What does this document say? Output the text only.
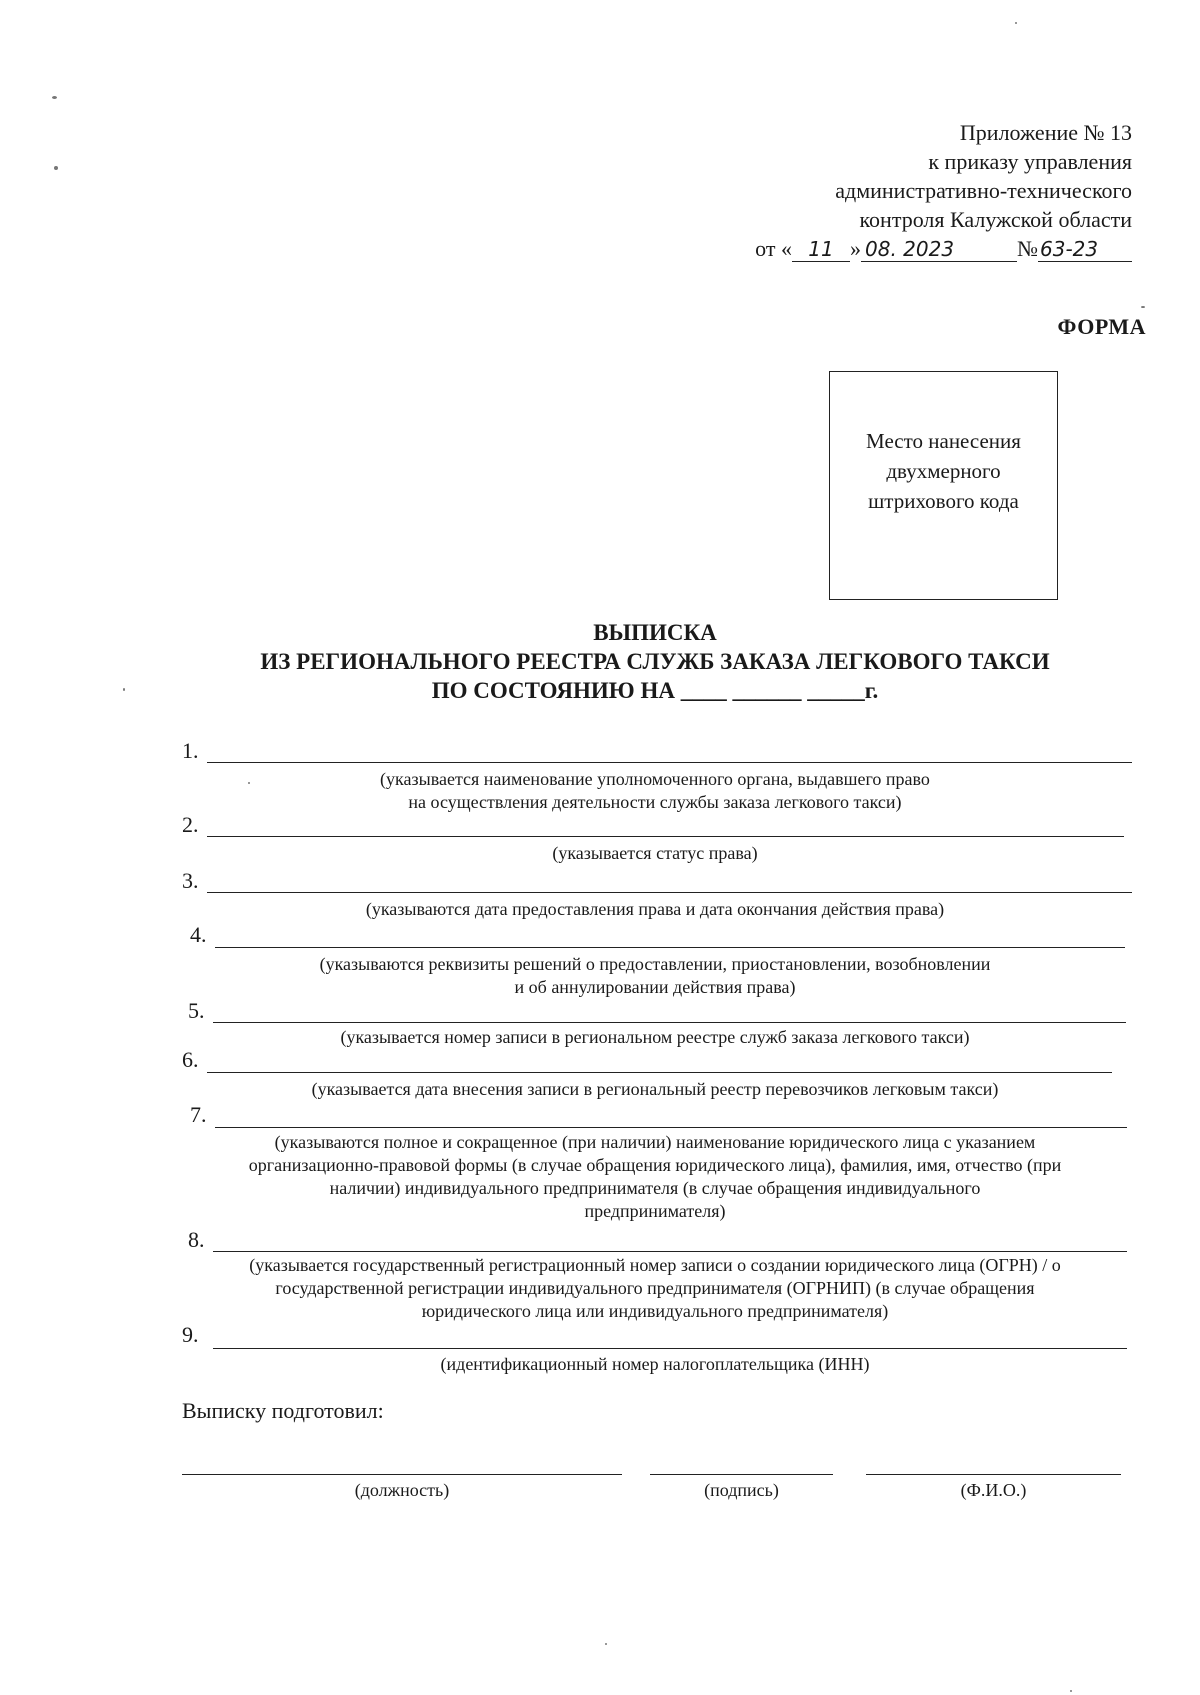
Приложение № 13
к приказу управления
административно-технического
контроля Калужской области
от « 11 » 08. 2023	№ 63-23
ФОРМА
Место нанесения
двухмерного
штрихового кода
ВЫПИСКА
ИЗ РЕГИОНАЛЬНОГО РЕЕСТРА СЛУЖБ ЗАКАЗА ЛЕГКОВОГО ТАКСИ
ПО СОСТОЯНИЮ НА ____ ______ _____г.
1.
(указывается наименование уполномоченного органа, выдавшего право
на осуществления деятельности службы заказа легкового такси)
2.
(указывается статус права)
3.
(указываются дата предоставления права и дата окончания действия права)
4.
(указываются реквизиты решений о предоставлении, приостановлении, возобновлении
и об аннулировании действия права)
5.
(указывается номер записи в региональном реестре служб заказа легкового такси)
6.
(указывается дата внесения записи в региональный реестр перевозчиков легковым такси)
7.
(указываются полное и сокращенное (при наличии) наименование юридического лица с указанием
организационно-правовой формы (в случае обращения юридического лица), фамилия, имя, отчество (при
наличии) индивидуального предпринимателя (в случае обращения индивидуального
предпринимателя)
8.
(указывается государственный регистрационный номер записи о создании юридического лица (ОГРН) / о
государственной регистрации индивидуального предпринимателя (ОГРНИП) (в случае обращения
юридического лица или индивидуального предпринимателя)
9.
(идентификационный номер налогоплательщика (ИНН)
Выписку подготовил:
(должность)	(подпись)	(Ф.И.О.)
